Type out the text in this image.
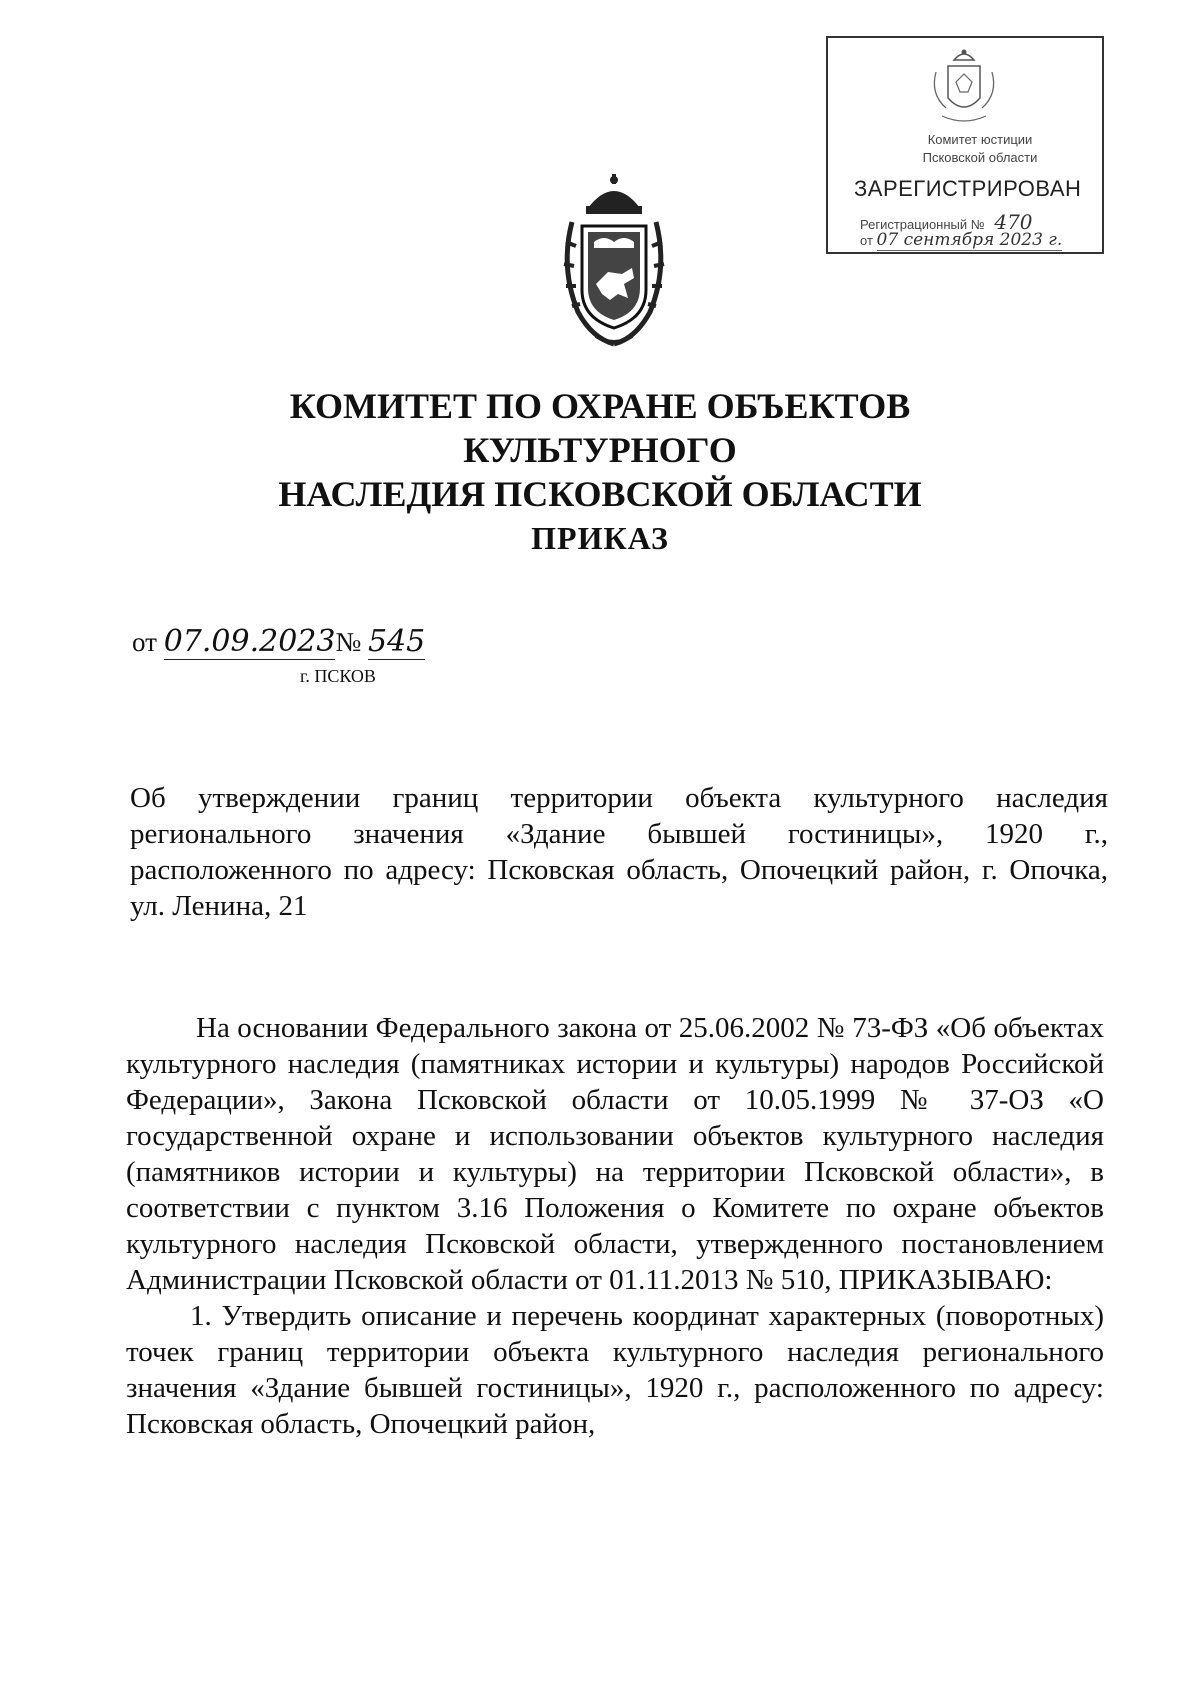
Комитет юстиции
Псковской области
ЗАРЕГИСТРИРОВАН
Регистрационный № 470
от 07 сентября 2023 г.
КОМИТЕТ ПО ОХРАНЕ ОБЪЕКТОВ КУЛЬТУРНОГО
НАСЛЕДИЯ ПСКОВСКОЙ ОБЛАСТИ
ПРИКАЗ
от 07.09.2023№ 545
г. ПСКОВ
Об утверждении границ территории объекта культурного наследия регионального значения «Здание бывшей гостиницы», 1920 г., расположенного по адресу: Псковская область, Опочецкий район, г. Опочка, ул. Ленина, 21

На основании Федерального закона от 25.06.2002 № 73-ФЗ «Об объектах культурного наследия (памятниках истории и культуры) народов Российской Федерации», Закона Псковской области от 10.05.1999 № 37-ОЗ «О государственной охране и использовании объектов культурного наследия (памятников истории и культуры) на территории Псковской области», в соответствии с пунктом 3.16 Положения о Комитете по охране объектов культурного наследия Псковской области, утвержденного постановлением Администрации Псковской области от 01.11.2013 № 510, ПРИКАЗЫВАЮ:

1. Утвердить описание и перечень координат характерных (поворотных) точек границ территории объекта культурного наследия регионального значения «Здание бывшей гостиницы», 1920 г., расположенного по адресу: Псковская область, Опочецкий район,
